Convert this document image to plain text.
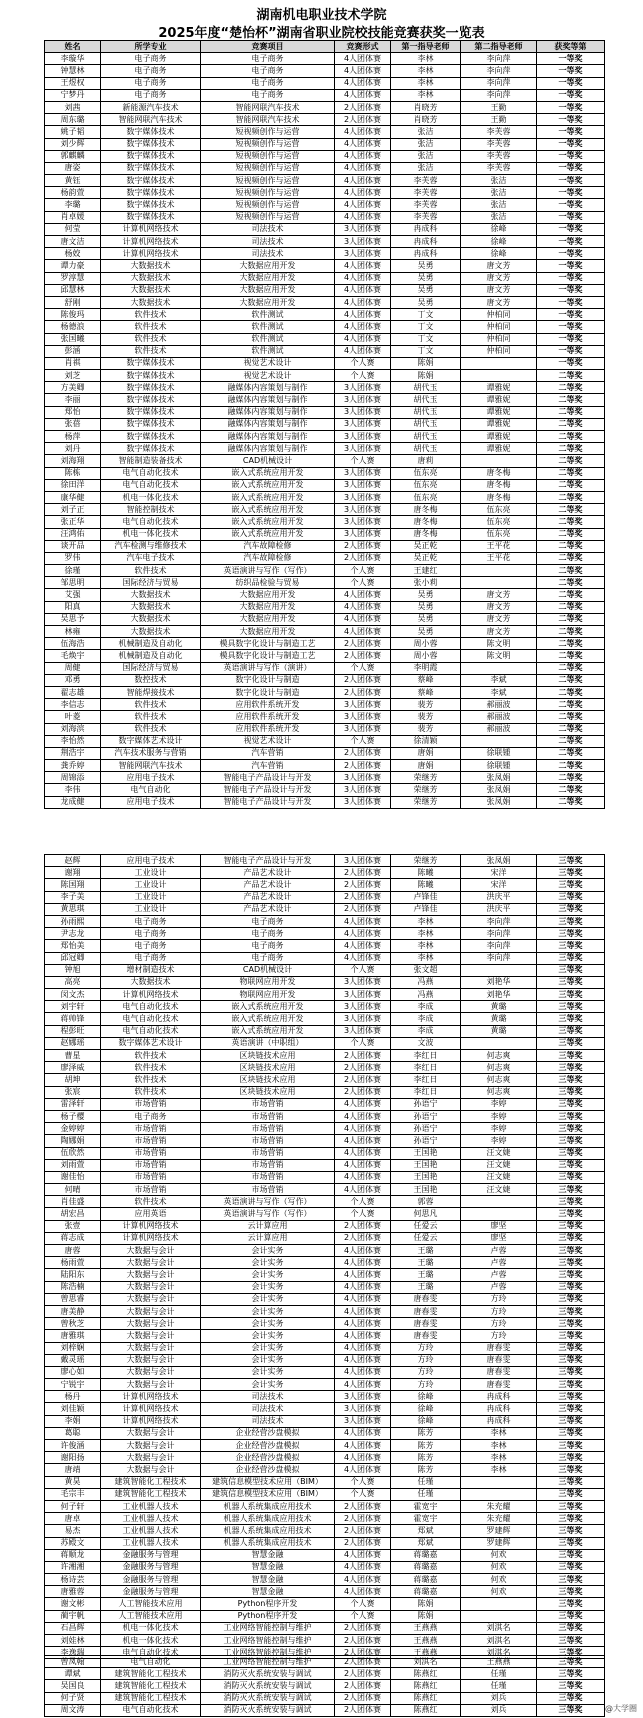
湖南机电职业技术学院
2025年度“楚怡杯”湖南省职业院校技能竞赛获奖一览表
姓名	所学专业	竞赛项目	竞赛形式	第一指导老师	第二指导老师	获奖等第
李璇华	电子商务	电子商务	4人团体赛	李林	李向萍	一等奖
钟慧林	电子商务	电子商务	4人团体赛	李林	李向萍	一等奖
王煜权	电子商务	电子商务	4人团体赛	李林	李向萍	一等奖
宁梦丹	电子商务	电子商务	4人团体赛	李林	李向萍	一等奖
刘茜	新能源汽车技术	智能网联汽车技术	2人团体赛	肖晓芳	王勤	一等奖
周东璐	智能网联汽车技术	智能网联汽车技术	2人团体赛	肖晓芳	王勤	一等奖
姚子韬	数字媒体技术	短视频创作与运营	4人团体赛	张洁	李芙蓉	一等奖
刘少辉	数字媒体技术	短视频创作与运营	4人团体赛	张洁	李芙蓉	一等奖
郭麒麟	数字媒体技术	短视频创作与运营	4人团体赛	张洁	李芙蓉	一等奖
唐姿	数字媒体技术	短视频创作与运营	4人团体赛	张洁	李芙蓉	一等奖
黄钰	数字媒体技术	短视频创作与运营	4人团体赛	李芙蓉	张洁	一等奖
杨韵萱	数字媒体技术	短视频创作与运营	4人团体赛	李芙蓉	张洁	一等奖
李璐	数字媒体技术	短视频创作与运营	4人团体赛	李芙蓉	张洁	一等奖
肖卓媛	数字媒体技术	短视频创作与运营	4人团体赛	李芙蓉	张洁	一等奖
何莹	计算机网络技术	司法技术	3人团体赛	冉成科	徐峰	一等奖
唐文洁	计算机网络技术	司法技术	3人团体赛	冉成科	徐峰	一等奖
杨姣	计算机网络技术	司法技术	3人团体赛	冉成科	徐峰	一等奖
谭力豪	大数据技术	大数据应用开发	4人团体赛	吴勇	唐文芳	一等奖
罗淳慧	大数据技术	大数据应用开发	4人团体赛	吴勇	唐文芳	一等奖
邱慧林	大数据技术	大数据应用开发	4人团体赛	吴勇	唐文芳	一等奖
舒刚	大数据技术	大数据应用开发	4人团体赛	吴勇	唐文芳	一等奖
陈俊玛	软件技术	软件测试	4人团体赛	丁文	仲柏同	一等奖
杨德浪	软件技术	软件测试	4人团体赛	丁文	仲柏同	一等奖
张国曦	软件技术	软件测试	4人团体赛	丁文	仲柏同	一等奖
彭涵	软件技术	软件测试	4人团体赛	丁文	仲柏同	一等奖
肖祺	数字媒体技术	视觉艺术设计	个人赛	陈娟		一等奖
刘芝	数字媒体技术	视觉艺术设计	个人赛	陈娟		二等奖
方美卿	数字媒体技术	融媒体内容策划与制作	3人团体赛	胡代玉	谭雅妮	二等奖
李丽	数字媒体技术	融媒体内容策划与制作	3人团体赛	胡代玉	谭雅妮	二等奖
郑怡	数字媒体技术	融媒体内容策划与制作	3人团体赛	胡代玉	谭雅妮	二等奖
张蓓	数字媒体技术	融媒体内容策划与制作	3人团体赛	胡代玉	谭雅妮	二等奖
杨萍	数字媒体技术	融媒体内容策划与制作	3人团体赛	胡代玉	谭雅妮	二等奖
刘丹	数字媒体技术	融媒体内容策划与制作	3人团体赛	胡代玉	谭雅妮	二等奖
刘海翔	智能制造装备技术	CAD机械设计	个人赛	唐莉		二等奖
陈栋	电气自动化技术	嵌入式系统应用开发	3人团体赛	伍东亮	唐冬梅	二等奖
徐田洋	电气自动化技术	嵌入式系统应用开发	3人团体赛	伍东亮	唐冬梅	二等奖
康华健	机电一体化技术	嵌入式系统应用开发	3人团体赛	伍东亮	唐冬梅	二等奖
刘子正	智能控制技术	嵌入式系统应用开发	3人团体赛	唐冬梅	伍东亮	二等奖
张正华	电气自动化技术	嵌入式系统应用开发	3人团体赛	唐冬梅	伍东亮	二等奖
汪鸿佑	机电一体化技术	嵌入式系统应用开发	3人团体赛	唐冬梅	伍东亮	二等奖
谈开品	汽车检测与维修技术	汽车故障检修	2人团体赛	吴正乾	王平花	二等奖
罗伟	汽车电子技术	汽车故障检修	2人团体赛	吴正乾	王平花	二等奖
徐瑾	软件技术	英语演讲与写作（写作）	个人赛	王建红		二等奖
邹思明	国际经济与贸易	纺织品检验与贸易	个人赛	张小莉		二等奖
艾强	大数据技术	大数据应用开发	4人团体赛	吴勇	唐文芳	二等奖
阳真	大数据技术	大数据应用开发	4人团体赛	吴勇	唐文芳	二等奖
吴思予	大数据技术	大数据应用开发	4人团体赛	吴勇	唐文芳	二等奖
林雍	大数据技术	大数据应用开发	4人团体赛	吴勇	唐文芳	二等奖
伍海浩	机械制造及自动化	模具数字化设计与制造工艺	2人团体赛	周小蓉	陈文明	二等奖
毛焕宇	机械制造及自动化	模具数字化设计与制造工艺	2人团体赛	周小蓉	陈文明	二等奖
周健	国际经济与贸易	英语演讲与写作（演讲）	个人赛	李明霞		二等奖
邓勇	数控技术	数字化设计与制造	2人团体赛	蔡峰	李斌	二等奖
翟志雄	智能焊接技术	数字化设计与制造	2人团体赛	蔡峰	李斌	二等奖
李信志	软件技术	应用软件系统开发	3人团体赛	裴芳	郝丽波	二等奖
叶菱	软件技术	应用软件系统开发	3人团体赛	裴芳	郝丽波	二等奖
刘海滨	软件技术	应用软件系统开发	3人团体赛	裴芳	郝丽波	二等奖
李怡然	数字媒体艺术设计	视觉艺术设计	个人赛	徐清颖		二等奖
荆浩宇	汽车技术服务与营销	汽车营销	2人团体赛	唐娟	徐联锺	二等奖
龚乔婷	智能网联汽车技术	汽车营销	2人团体赛	唐娟	徐联锺	二等奖
周锦添	应用电子技术	智能电子产品设计与开发	3人团体赛	荣继芳	张凤娟	二等奖
李伟	电气自动化	智能电子产品设计与开发	3人团体赛	荣继芳	张凤娟	二等奖
龙成健	应用电子技术	智能电子产品设计与开发	3人团体赛	荣继芳	张凤娟	二等奖
赵辉	应用电子技术	智能电子产品设计与开发	3人团体赛	荣继芳	张凤娟	三等奖
谢翔	工业设计	产品艺术设计	2人团体赛	陈曦	宋洋	三等奖
陈国翔	工业设计	产品艺术设计	2人团体赛	陈曦	宋洋	三等奖
李子美	工业设计	产品艺术设计	2人团体赛	卢锋佳	洪庆平	三等奖
黄思琪	工业设计	产品艺术设计	2人团体赛	卢锋佳	洪庆平	三等奖
孙雨熙	电子商务	电子商务	4人团体赛	李林	李向萍	三等奖
尹志龙	电子商务	电子商务	4人团体赛	李林	李向萍	三等奖
郑怡美	电子商务	电子商务	4人团体赛	李林	李向萍	三等奖
邱冠卿	电子商务	电子商务	4人团体赛	李林	李向萍	三等奖
钟旭	增材制造技术	CAD机械设计	个人赛	张文超		三等奖
高亮	大数据技术	物联网应用开发	3人团体赛	冯燕	刘艳华	三等奖
闵文杰	计算机网络技术	物联网应用开发	3人团体赛	冯燕	刘艳华	三等奖
刘宇轩	电气自动化技术	嵌入式系统应用开发	3人团体赛	李成	黄璐	三等奖
蒋帅锋	电气自动化技术	嵌入式系统应用开发	3人团体赛	李成	黄璐	三等奖
程彭旺	电气自动化技术	嵌入式系统应用开发	3人团体赛	李成	黄璐	三等奖
赵娜瑶	数字媒体艺术设计	英语演讲（中职组）	个人赛	文波		三等奖
曹星	软件技术	区块链技术应用	2人团体赛	李红日	何志爽	三等奖
廖泽威	软件技术	区块链技术应用	2人团体赛	李红日	何志爽	三等奖
胡坤	软件技术	区块链技术应用	2人团体赛	李红日	何志爽	三等奖
张宸	软件技术	区块链技术应用	2人团体赛	李红日	何志爽	三等奖
雷泽轩	市场营销	市场营销	4人团体赛	孙语宁	李婷	三等奖
杨子樱	电子商务	市场营销	4人团体赛	孙语宁	李婷	三等奖
金婷婷	市场营销	市场营销	4人团体赛	孙语宁	李婷	三等奖
陶娜娟	市场营销	市场营销	4人团体赛	孙语宁	李婷	三等奖
伍欣然	市场营销	市场营销	4人团体赛	王国艳	汪文婕	三等奖
刘雨萱	市场营销	市场营销	4人团体赛	王国艳	汪文婕	三等奖
谢佳怡	市场营销	市场营销	4人团体赛	王国艳	汪文婕	三等奖
何晴	市场营销	市场营销	4人团体赛	王国艳	汪文婕	三等奖
肖佳盛	软件技术	英语演讲与写作（写作）	个人赛	郭蓉		三等奖
胡宏昌	应用英语	英语演讲与写作（写作）	个人赛	何思凡		三等奖
张壹	计算机网络技术	云计算应用	2人团体赛	任爱云	廖坚	三等奖
蒋志成	计算机网络技术	云计算应用	2人团体赛	任爱云	廖坚	三等奖
唐蓉	大数据与会计	会计实务	4人团体赛	王璐	卢蓉	三等奖
杨雨萱	大数据与会计	会计实务	4人团体赛	王璐	卢蓉	三等奖
陆阳东	大数据与会计	会计实务	4人团体赛	王璐	卢蓉	三等奖
陈浩楠	大数据与会计	会计实务	4人团体赛	王璐	卢蓉	三等奖
曾思睿	大数据与会计	会计实务	4人团体赛	唐春雯	方玲	三等奖
唐美静	大数据与会计	会计实务	4人团体赛	唐春雯	方玲	三等奖
曾秋芝	大数据与会计	会计实务	4人团体赛	唐春雯	方玲	三等奖
唐雅琪	大数据与会计	会计实务	4人团体赛	唐春雯	方玲	三等奖
刘梓娴	大数据与会计	会计实务	4人团体赛	方玲	唐春雯	三等奖
戴灵瑶	大数据与会计	会计实务	4人团体赛	方玲	唐春雯	三等奖
廖心如	大数据与会计	会计实务	4人团体赛	方玲	唐春雯	三等奖
宁锐宇	大数据与会计	会计实务	4人团体赛	方玲	唐春雯	三等奖
杨丹	计算机网络技术	司法技术	3人团体赛	徐峰	冉成科	三等奖
刘佳颖	计算机网络技术	司法技术	3人团体赛	徐峰	冉成科	三等奖
李娟	计算机网络技术	司法技术	3人团体赛	徐峰	冉成科	三等奖
葛聪	大数据与会计	企业经营沙盘模拟	4人团体赛	陈芳	李林	三等奖
许俊涵	大数据与会计	企业经营沙盘模拟	4人团体赛	陈芳	李林	三等奖
谢阳扬	大数据与会计	企业经营沙盘模拟	4人团体赛	陈芳	李林	三等奖
唐靖	大数据与会计	企业经营沙盘模拟	4人团体赛	陈芳	李林	三等奖
黄昊	建筑智能化工程技术	建筑信息模型技术应用（BIM）	个人赛	任瑾		三等奖
毛宗丰	建筑智能化工程技术	建筑信息模型技术应用（BIM）	个人赛	任瑾		三等奖
何子轩	工业机器人技术	机器人系统集成应用技术	2人团体赛	霍宽宇	朱充耀	三等奖
唐卓	工业机器人技术	机器人系统集成应用技术	2人团体赛	霍宽宇	朱充耀	三等奖
易杰	工业机器人技术	机器人系统集成应用技术	2人团体赛	郑斌	罗建辉	三等奖
苏殿文	工业机器人技术	机器人系统集成应用技术	2人团体赛	郑斌	罗建辉	三等奖
蒋顺龙	金融服务与管理	智慧金融	4人团体赛	蒋璐嘉	何欢	三等奖
许湘湘	金融服务与管理	智慧金融	4人团体赛	蒋璐嘉	何欢	三等奖
杨诗芸	金融服务与管理	智慧金融	4人团体赛	蒋璐嘉	何欢	三等奖
唐雅蓉	金融服务与管理	智慧金融	4人团体赛	蒋璐嘉	何欢	三等奖
谢文彬	人工智能技术应用	Python程序开发	个人赛	陈娟		三等奖
蔺宇帆	人工智能技术应用	Python程序开发	个人赛	陈娟		三等奖
石昌辉	机电一体化技术	工业网络智能控制与维护	2人团体赛	王燕燕	刘淇名	三等奖
刘娃林	机电一体化技术	工业网络智能控制与维护	2人团体赛	王燕燕	刘淇名	三等奖
李逸瑞	电气自动化技术	工业网络智能控制与维护	2人团体赛	王燕燕	刘淇名	三等奖
曾凤翰	电气自动化	工业网络智能控制与维护	2人团体赛	刘淇名	王燕燕	三等奖
谭斌	建筑智能化工程技术	消防灭火系统安装与调试	2人团体赛	陈燕红	任瑾	三等奖
吴国良	建筑智能化工程技术	消防灭火系统安装与调试	2人团体赛	陈燕红	任瑾	三等奖
何子贤	建筑智能化工程技术	消防灭火系统安装与调试	2人团体赛	陈燕红	刘兵	三等奖
周文涛	电气自动化技术	消防灭火系统安装与调试	2人团体赛	陈燕红	刘兵	三等奖	@大学圈
